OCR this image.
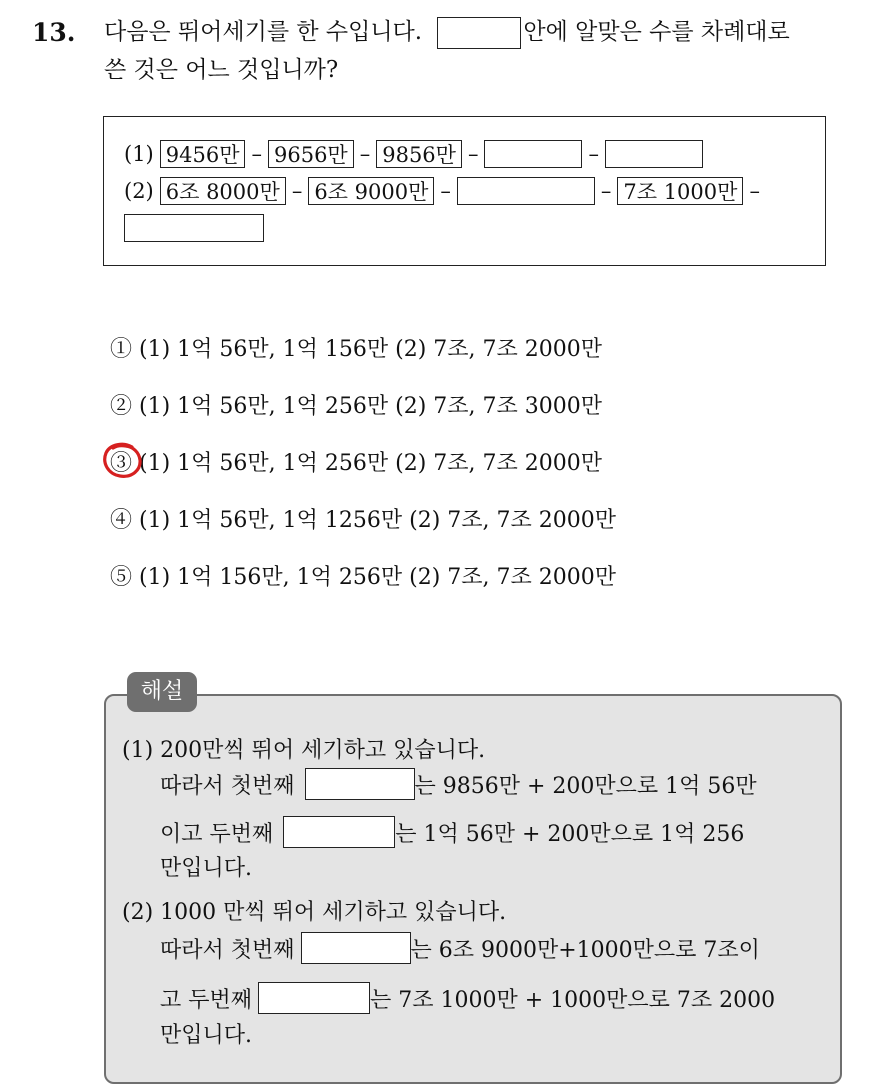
13. 다음은 뛰어세기를 한 수입니다.	안에 알맞은 수를 차례대로
쓴 것은 어느 것입니까?
(1) 9456만 – 9656만 – 9856만 –	–
(2) 6조 8000만 – 6조 9000만 –	– 7조 1000만 –
① (1) 1억 56만, 1억 156만 (2) 7조, 7조 2000만
② (1) 1억 56만, 1억 256만 (2) 7조, 7조 3000만
③ (1) 1억 56만, 1억 256만 (2) 7조, 7조 2000만
④ (1) 1억 56만, 1억 1256만 (2) 7조, 7조 2000만
⑤ (1) 1억 156만, 1억 256만 (2) 7조, 7조 2000만
해설
(1) 200만씩 뛰어 세기하고 있습니다.
따라서 첫번째	는 9856만 + 200만으로 1억 56만
이고 두번째	는 1억 56만 + 200만으로 1억 256
만입니다.
(2) 1000 만씩 뛰어 세기하고 있습니다.
따라서 첫번째	는 6조 9000만+1000만으로 7조이
고 두번째	는 7조 1000만 + 1000만으로 7조 2000
만입니다.
